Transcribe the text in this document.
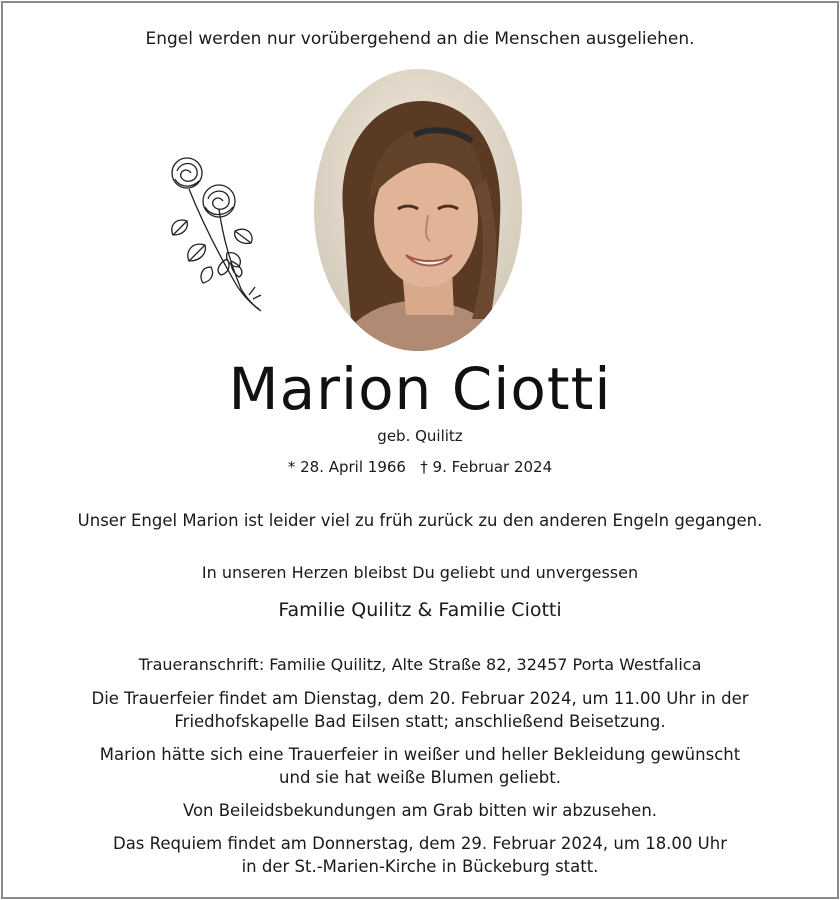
Engel werden nur vorübergehend an die Menschen ausgeliehen.
Marion Ciotti
geb. Quilitz
* 28. April 1966   † 9. Februar 2024
Unser Engel Marion ist leider viel zu früh zurück zu den anderen Engeln gegangen.
In unseren Herzen bleibst Du geliebt und unvergessen
Familie Quilitz & Familie Ciotti
Traueranschrift: Familie Quilitz, Alte Straße 82, 32457 Porta Westfalica
Die Trauerfeier findet am Dienstag, dem 20. Februar 2024, um 11.00 Uhr in der
Friedhofskapelle Bad Eilsen statt; anschließend Beisetzung.
Marion hätte sich eine Trauerfeier in weißer und heller Bekleidung gewünscht
und sie hat weiße Blumen geliebt.
Von Beileidsbekundungen am Grab bitten wir abzusehen.
Das Requiem findet am Donnerstag, dem 29. Februar 2024, um 18.00 Uhr
in der St.-Marien-Kirche in Bückeburg statt.
